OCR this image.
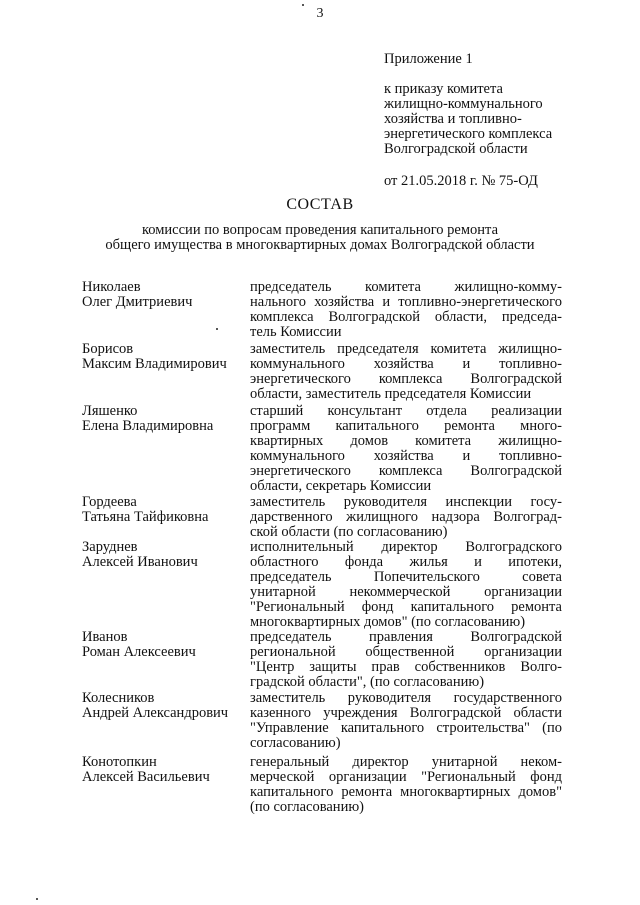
3
Приложение 1
к приказу комитета
жилищно-коммунального
хозяйства и топливно-
энергетического комплекса
Волгоградской области
от 21.05.2018 г. № 75-ОД
СОСТАВ
комиссии по вопросам проведения капитального ремонта
общего имущества в многоквартирных домах Волгоградской области
Николаев
Олег Дмитриевич
председатель комитета жилищно-комму-
нального хозяйства и топливно-энергетического
комплекса Волгоградской области, председа-
тель Комиссии
Борисов
Максим Владимирович
заместитель председателя комитета жилищно-
коммунального хозяйства и топливно-
энергетического комплекса Волгоградской
области, заместитель председателя Комиссии
Ляшенко
Елена Владимировна
старший консультант отдела реализации
программ капитального ремонта много-
квартирных домов комитета жилищно-
коммунального хозяйства и топливно-
энергетического комплекса Волгоградской
области, секретарь Комиссии
Гордеева
Татьяна Тайфиковна
заместитель руководителя инспекции госу-
дарственного жилищного надзора Волгоград-
ской области (по согласованию)
Заруднев
Алексей Иванович
исполнительный директор Волгоградского
областного фонда жилья и ипотеки,
председатель Попечительского совета
унитарной некоммерческой организации
"Региональный фонд капитального ремонта
многоквартирных домов" (по согласованию)
Иванов
Роман Алексеевич
председатель правления Волгоградской
региональной общественной организации
"Центр защиты прав собственников Волго-
градской области", (по согласованию)
Колесников
Андрей Александрович
заместитель руководителя государственного
казенного учреждения Волгоградской области
"Управление капитального строительства" (по
согласованию)
Конотопкин
Алексей Васильевич
генеральный директор унитарной неком-
мерческой организации "Региональный фонд
капитального ремонта многоквартирных домов"
(по согласованию)
